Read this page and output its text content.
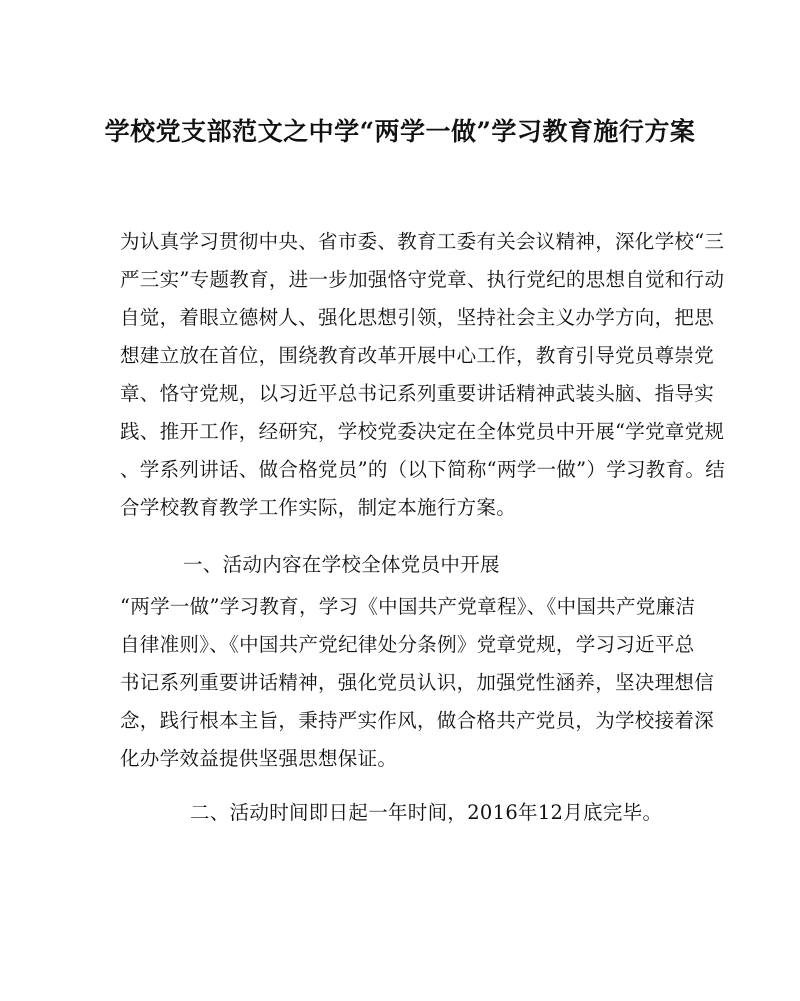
学校党支部范文之中学“两学一做”学习教育施行方案
为认真学习贯彻中央、省市委、教育工委有关会议精神，深化学校“三
严三实”专题教育，进一步加强恪守党章、执行党纪的思想自觉和行动
自觉，着眼立德树人、强化思想引领，坚持社会主义办学方向，把思
想建立放在首位，围绕教育改革开展中心工作，教育引导党员尊崇党
章、恪守党规，以习近平总书记系列重要讲话精神武装头脑、指导实
践、推开工作，经研究，学校党委决定在全体党员中开展“学党章党规
、学系列讲话、做合格党员”的（以下简称“两学一做”）学习教育。结
合学校教育教学工作实际，制定本施行方案。
一、活动内容在学校全体党员中开展
“两学一做”学习教育，学习《中国共产党章程》、《中国共产党廉洁
自律准则》、《中国共产党纪律处分条例》党章党规，学习习近平总
书记系列重要讲话精神，强化党员认识，加强党性涵养，坚决理想信
念，践行根本主旨，秉持严实作风，做合格共产党员，为学校接着深
化办学效益提供坚强思想保证。
二、活动时间即日起一年时间，2016年12月底完毕。
